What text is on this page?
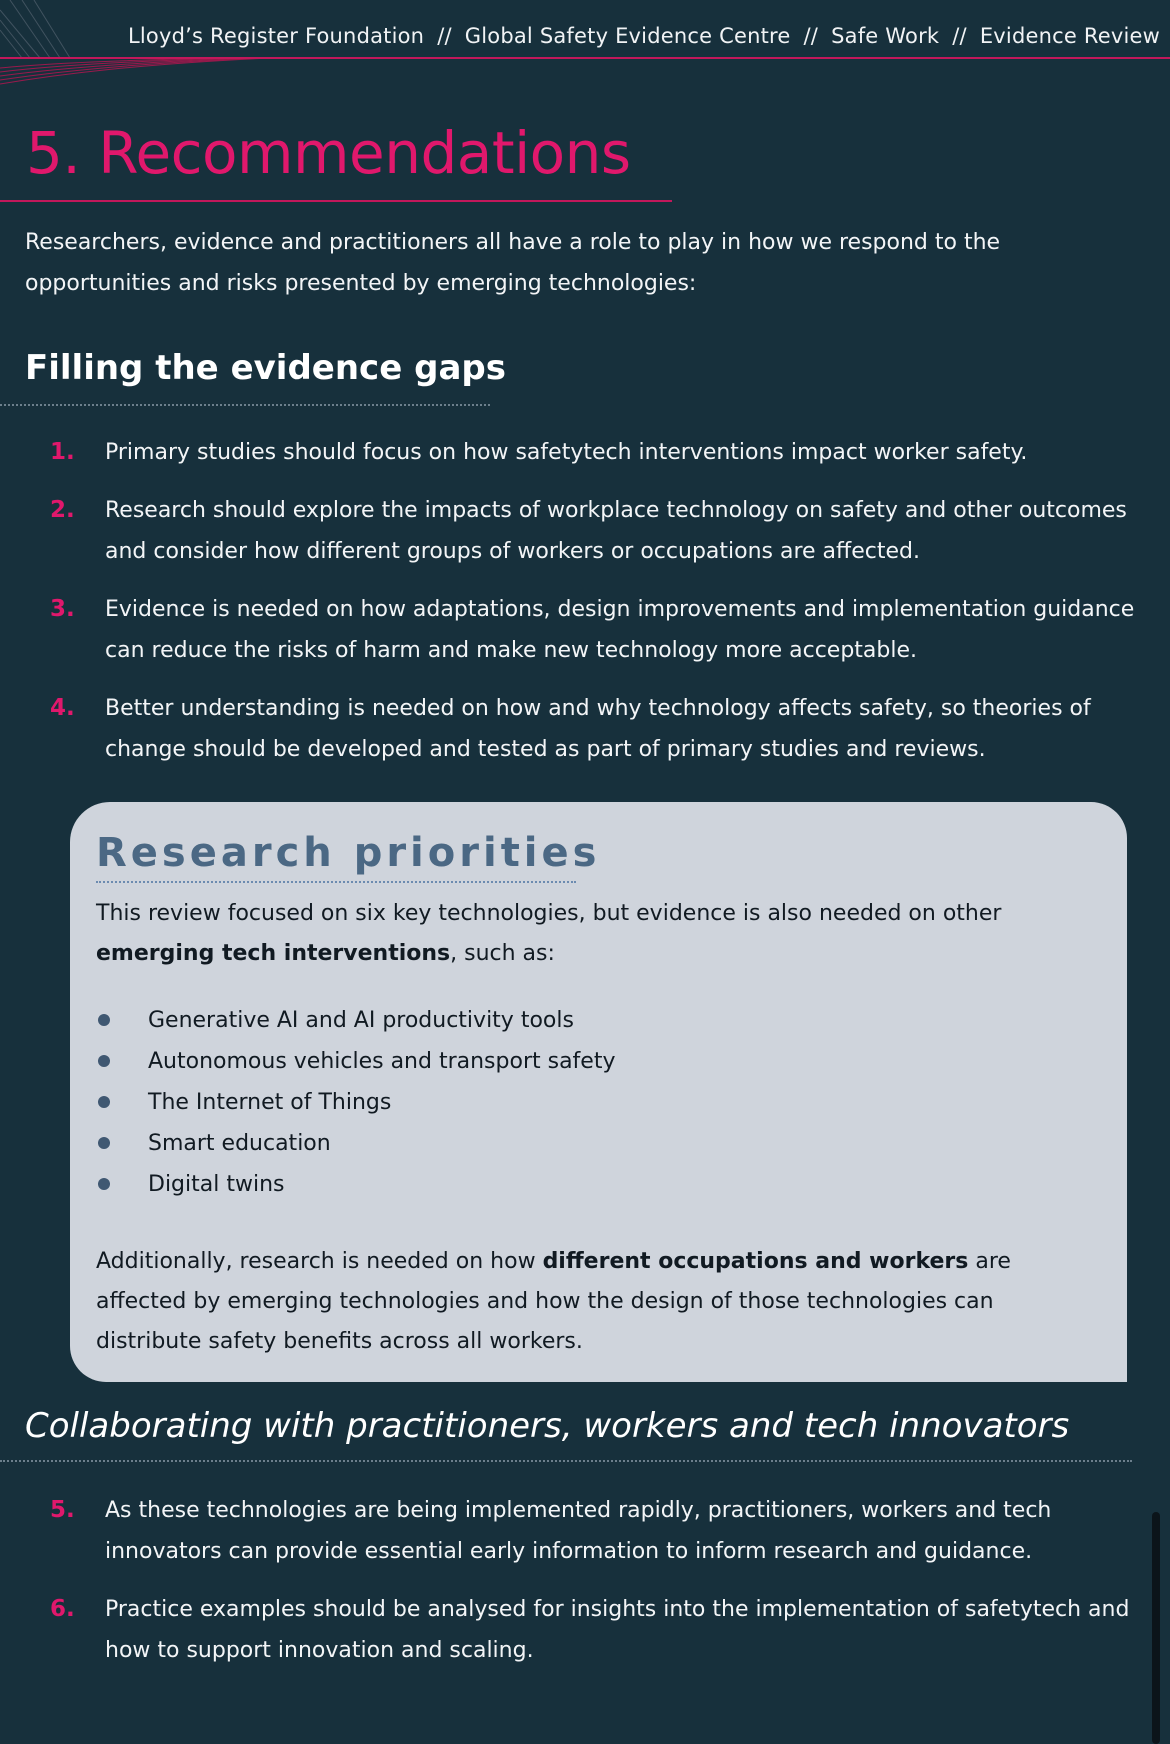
Lloyd’s Register Foundation // Global Safety Evidence Centre // Safe Work // Evidence Review
5. Recommendations

Researchers, evidence and practitioners all have a role to play in how we respond to the opportunities and risks presented by emerging technologies:

Filling the evidence gaps
1. Primary studies should focus on how safetytech interventions impact worker safety.
2. Research should explore the impacts of workplace technology on safety and other outcomes and consider how different groups of workers or occupations are affected.
3. Evidence is needed on how adaptations, design improvements and implementation guidance can reduce the risks of harm and make new technology more acceptable.
4. Better understanding is needed on how and why technology affects safety, so theories of change should be developed and tested as part of primary studies and reviews.
Research priorities

This review focused on six key technologies, but evidence is also needed on other emerging tech interventions, such as:

Generative AI and AI productivity tools
Autonomous vehicles and transport safety
The Internet of Things
Smart education
Digital twins

Additionally, research is needed on how different occupations and workers are affected by emerging technologies and how the design of those technologies can distribute safety benefits across all workers.

Collaborating with practitioners, workers and tech innovators
5. As these technologies are being implemented rapidly, practitioners, workers and tech innovators can provide essential early information to inform research and guidance.
6. Practice examples should be analysed for insights into the implementation of safetytech and how to support innovation and scaling.
